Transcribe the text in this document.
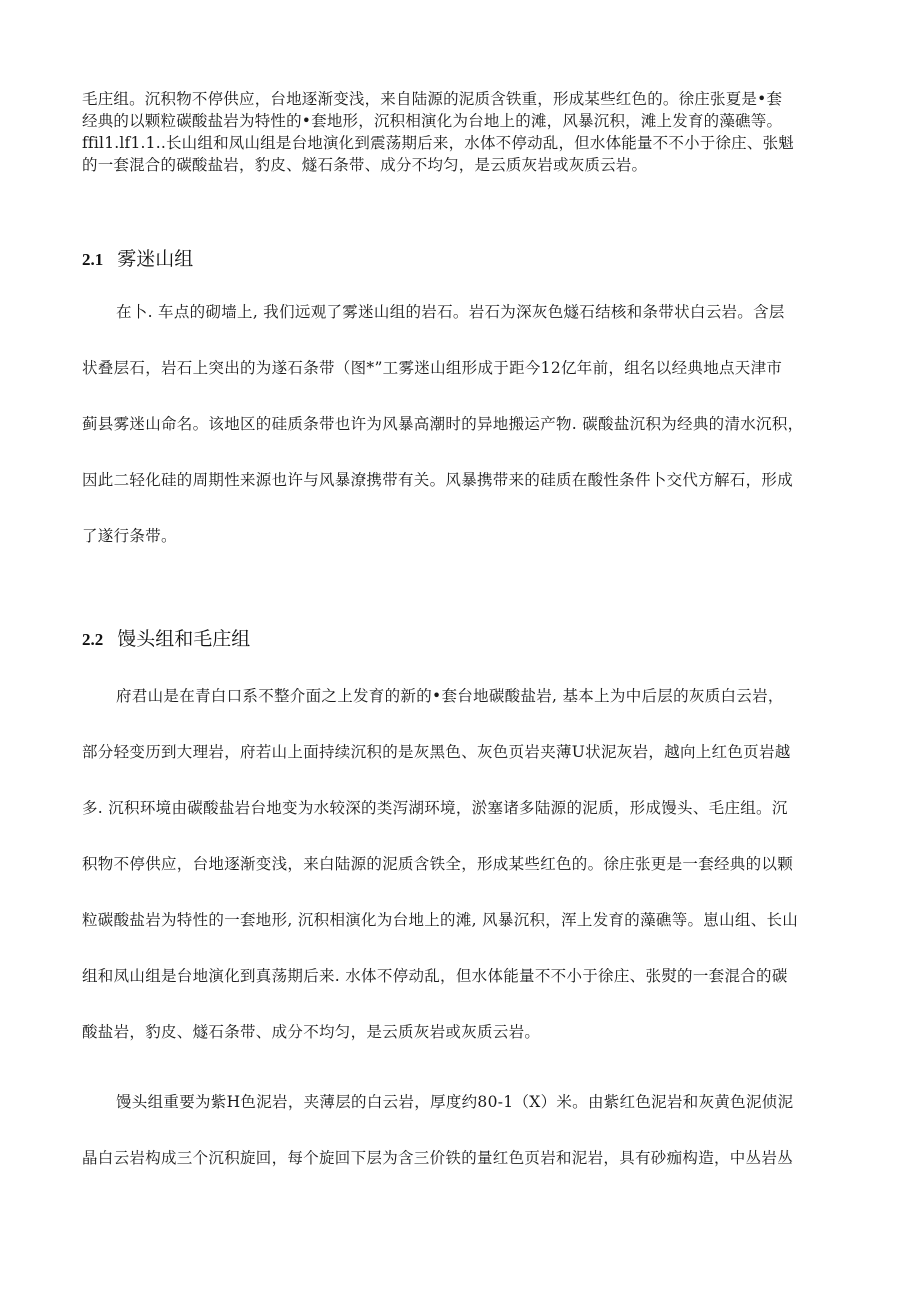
毛庄组。沉积物不停供应，台地逐渐变浅，来自陆源的泥质含铁重，形成某些红色的。徐庄张夏是•套

经典的以颗粒碳酸盐岩为特性的•套地形，沉积相演化为台地上的滩，风暴沉积，滩上发育的藻礁等。

ffil1.lf1.1..长山组和凤山组是台地演化到震荡期后来，水体不停动乱，但水体能量不不小于徐庄、张魁

的一套混合的碳酸盐岩，豹皮、燧石条带、成分不均匀，是云质灰岩或灰质云岩。

2.1 雾迷山组
在卜. 车点的砌墙上, 我们远观了雾迷山组的岩石。岩石为深灰色燧石结核和条带状白云岩。含层
状叠层石，岩石上突出的为遂石条带（图*”工雾迷山组形成于距今12亿年前，组名以经典地点天津市
蓟县雾迷山命名。该地区的硅质条带也许为风暴高潮时的异地搬运产物. 碳酸盐沉积为经典的清水沉积，
因此二轻化硅的周期性来源也许与风暴潦携带有关。风暴携带来的硅质在酸性条件卜交代方解石，形成
了遂行条带。
2.2 馒头组和毛庄组
府君山是在青白口系不整介面之上发育的新的•套台地碳酸盐岩, 基本上为中后层的灰质白云岩，
部分轻变历到大理岩，府若山上面持续沉积的是灰黑色、灰色页岩夹薄U状泥灰岩，越向上红色页岩越
多. 沉积环境由碳酸盐岩台地变为水较深的类泻湖环境，淤塞诸多陆源的泥质，形成馒头、毛庄组。沉
积物不停供应，台地逐渐变浅，来白陆源的泥质含铁全，形成某些红色的。徐庄张更是一套经典的以颗
粒碳酸盐岩为特性的一套地形, 沉积相演化为台地上的滩, 风暴沉积，浑上发育的藻礁等。崽山组、长山
组和凤山组是台地演化到真荡期后来. 水体不停动乱，但水体能量不不小于徐庄、张熨的一套混合的碳
酸盐岩，豹皮、燧石条带、成分不均匀，是云质灰岩或灰质云岩。
馒头组重要为紫H色泥岩，夹薄层的白云岩，厚度约80-1（X）米。由紫红色泥岩和灰黄色泥侦泥
晶白云岩构成三个沉积旋回，每个旋回下层为含三价铁的量红色页岩和泥岩，具有砂痂构造，中丛岩丛
